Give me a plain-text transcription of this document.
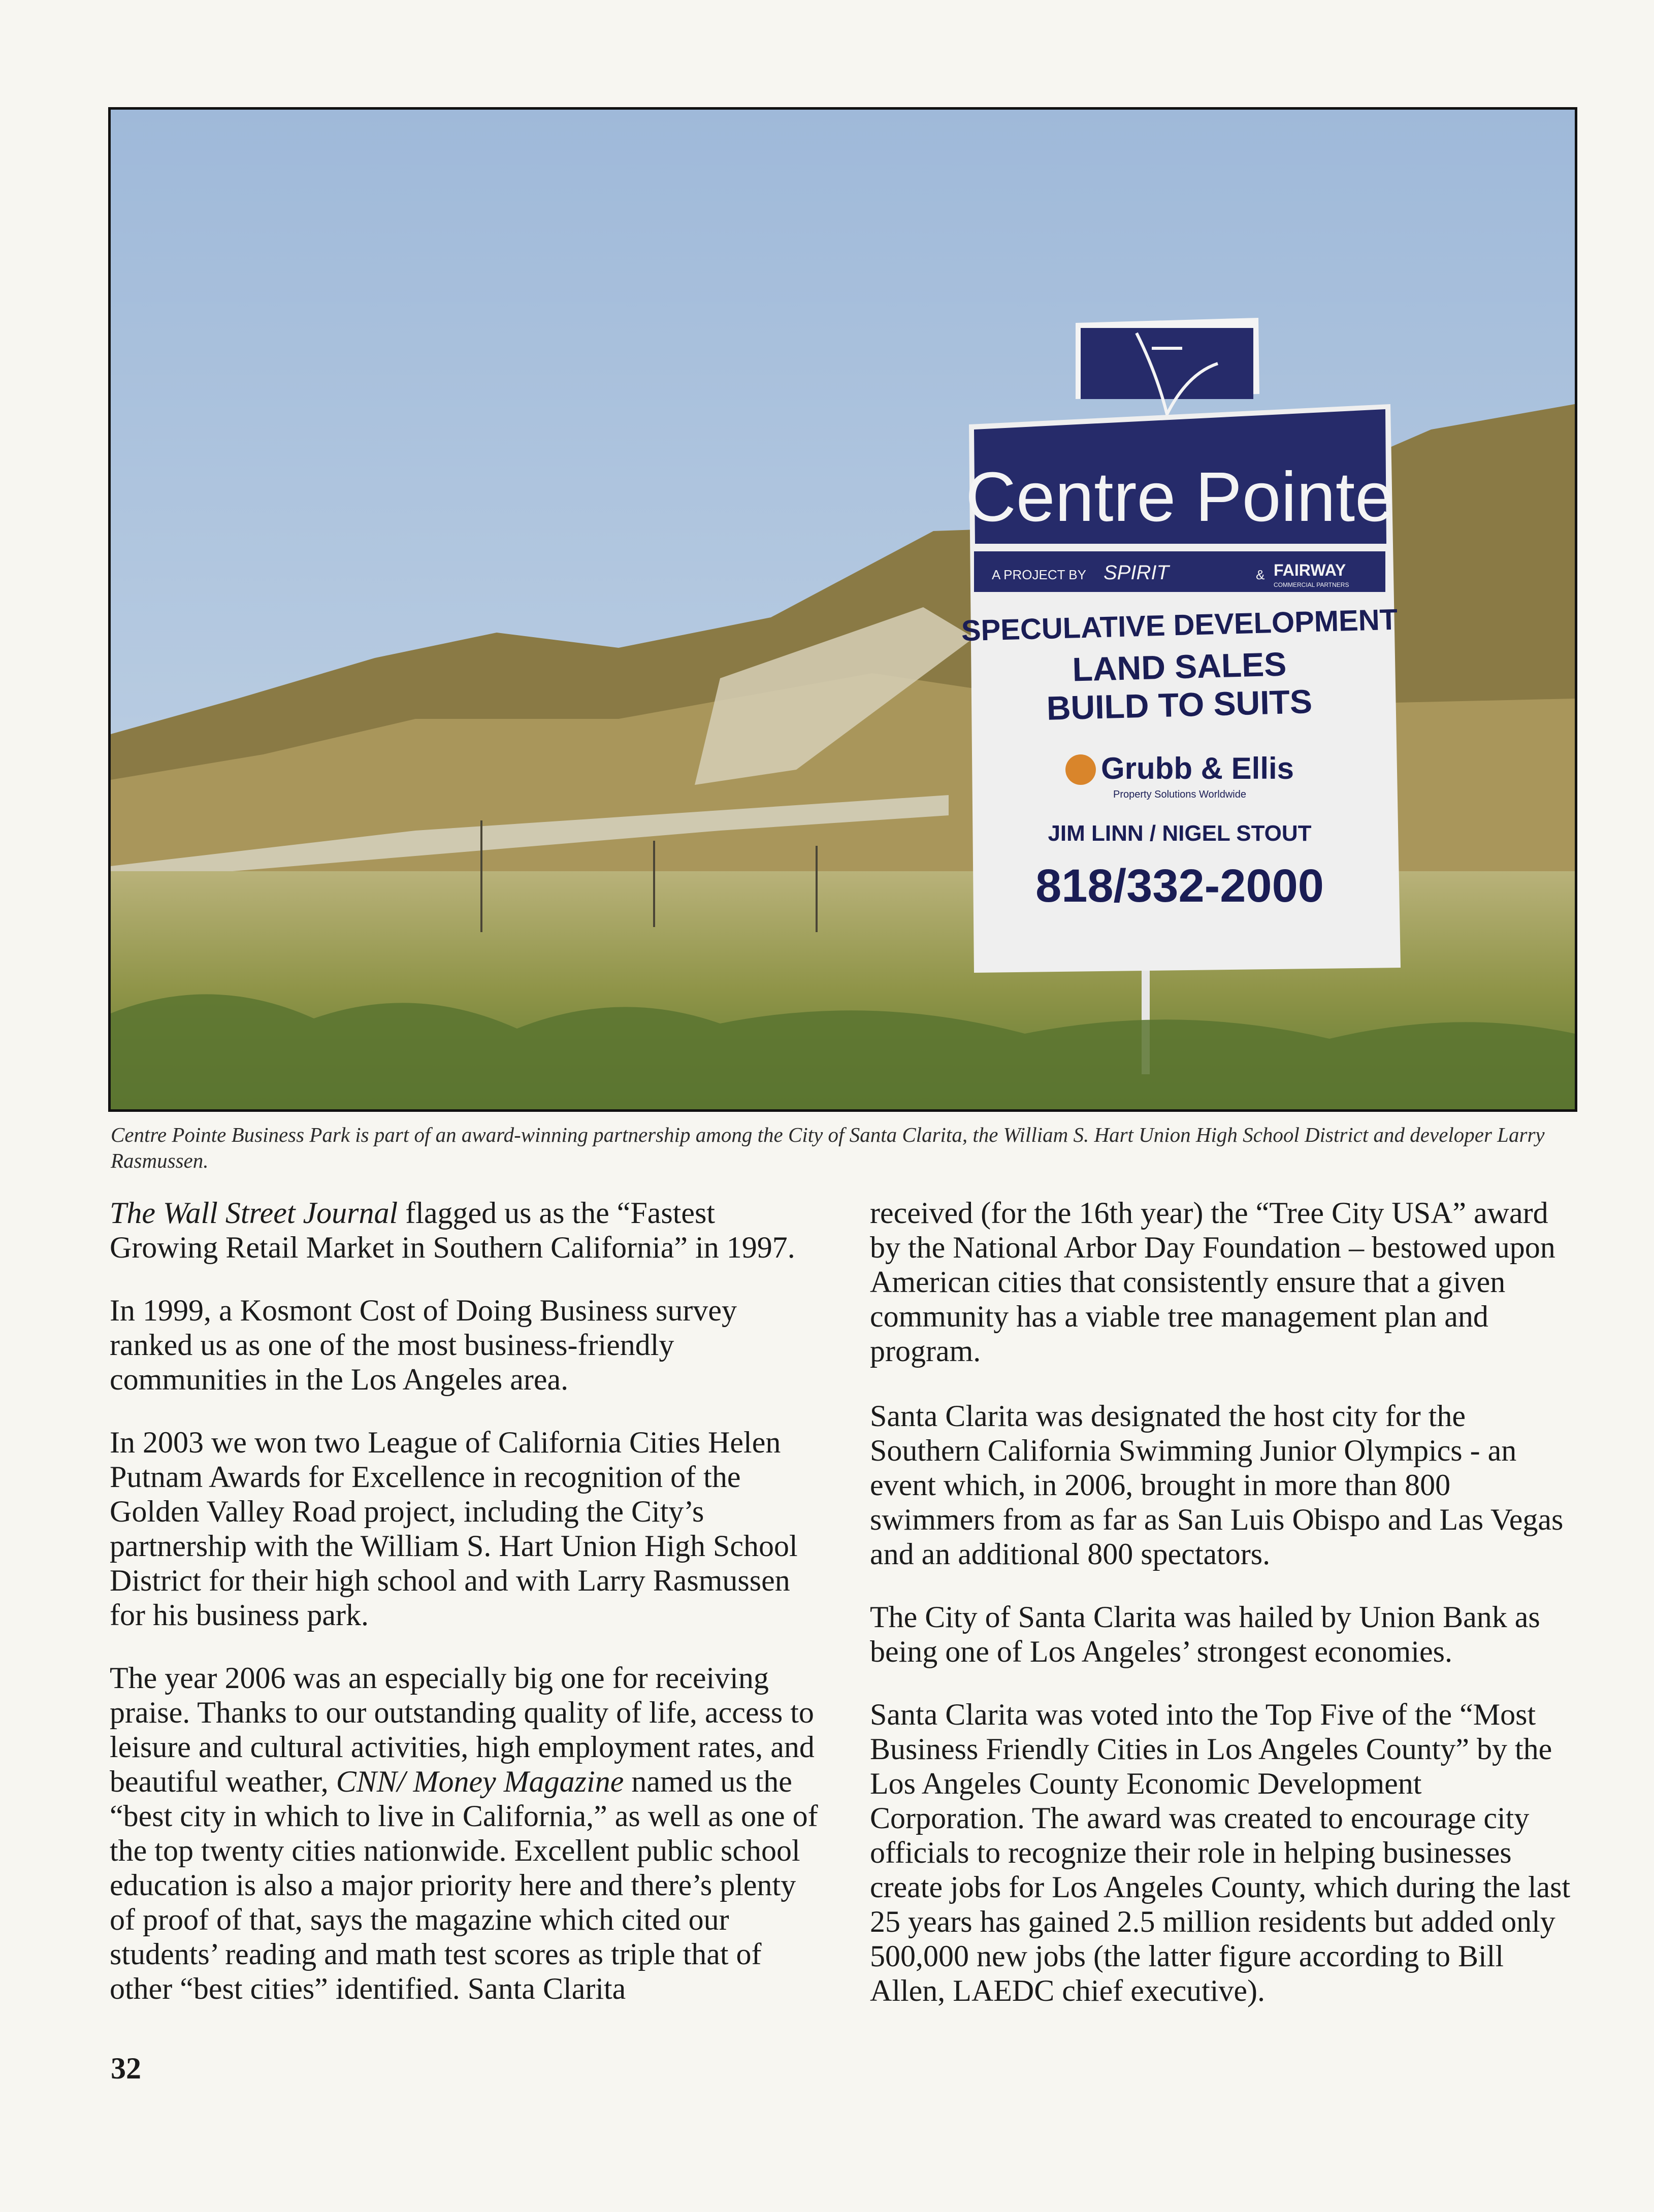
Centre Pointe
A PROJECT BY SPIRIT	& FAIRWAY
COMMERCIAL PARTNERS
SPECULATIVE DEVELOPMENT
LAND SALES
BUILD TO SUITS
Grubb & Ellis
Property Solutions Worldwide
JIM LINN / NIGEL STOUT
818/332-2000
Centre Pointe Business Park is part of an award-winning partnership among the City of Santa Clarita, the William S. Hart Union High School District and developer Larry Rasmussen.

The Wall Street Journal flagged us as the “Fastest Growing Retail Market in Southern California” in 1997.

In 1999, a Kosmont Cost of Doing Business survey ranked us as one of the most business-friendly communities in the Los Angeles area.

In 2003 we won two League of California Cities Helen Putnam Awards for Excellence in recognition of the Golden Valley Road project, including the City’s partnership with the William S. Hart Union High School District for their high school and with Larry Rasmussen for his business park.

The year 2006 was an especially big one for receiving praise. Thanks to our outstanding quality of life, access to leisure and cultural activities, high employment rates, and beautiful weather, CNN/ Money Magazine named us the “best city in which to live in California,” as well as one of the top twenty cities nationwide. Excellent public school education is also a major priority here and there’s plenty of proof of that, says the magazine which cited our students’ reading and math test scores as triple that of other “best cities” identified. Santa Clarita

received (for the 16th year) the “Tree City USA” award by the National Arbor Day Foundation – bestowed upon American cities that consistently ensure that a given community has a viable tree management plan and program.

Santa Clarita was designated the host city for the Southern California Swimming Junior Olympics - an event which, in 2006, brought in more than 800 swimmers from as far as San Luis Obispo and Las Vegas and an additional 800 spectators.

The City of Santa Clarita was hailed by Union Bank as being one of Los Angeles’ strongest economies.

Santa Clarita was voted into the Top Five of the “Most Business Friendly Cities in Los Angeles County” by the Los Angeles County Economic Development Corporation. The award was created to encourage city officials to recognize their role in helping businesses create jobs for Los Angeles County, which during the last 25 years has gained 2.5 million residents but added only 500,000 new jobs (the latter figure according to Bill Allen, LAEDC chief executive).

32
